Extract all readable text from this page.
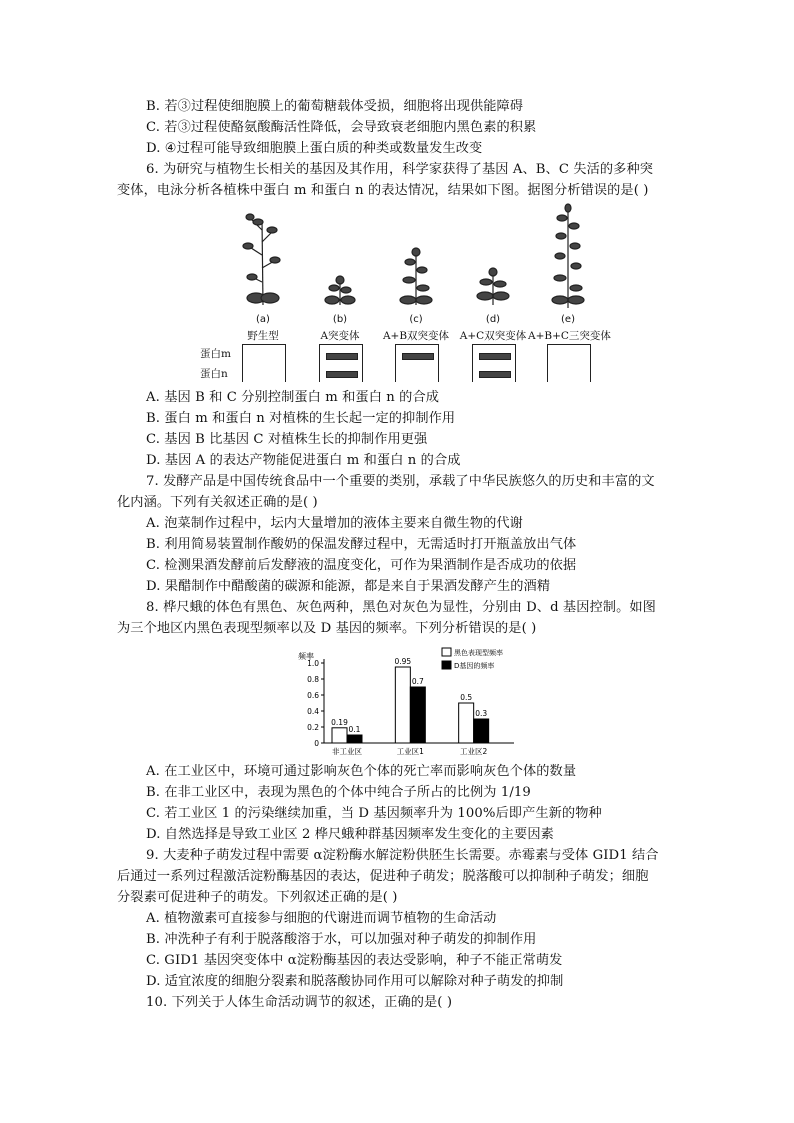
B. 若③过程使细胞膜上的葡萄糖载体受损，细胞将出现供能障碍
C. 若③过程使酪氨酸酶活性降低，会导致衰老细胞内黑色素的积累
D. ④过程可能导致细胞膜上蛋白质的种类或数量发生改变
6. 为研究与植物生长相关的基因及其作用，科学家获得了基因 A、B、C 失活的多种突
变体，电泳分析各植株中蛋白 m 和蛋白 n 的表达情况，结果如下图。据图分析错误的是( )
(a)	(b)	(c)	(d)	(e)
野生型	A突变体	A+B双突变体	A+C双突变体 A+B+C三突变体
蛋白m
蛋白n
A. 基因 B 和 C 分别控制蛋白 m 和蛋白 n 的合成
B. 蛋白 m 和蛋白 n 对植株的生长起一定的抑制作用
C. 基因 B 比基因 C 对植株生长的抑制作用更强
D. 基因 A 的表达产物能促进蛋白 m 和蛋白 n 的合成
7. 发酵产品是中国传统食品中一个重要的类别，承载了中华民族悠久的历史和丰富的文
化内涵。下列有关叙述正确的是( )
A. 泡菜制作过程中，坛内大量增加的液体主要来自微生物的代谢
B. 利用简易装置制作酸奶的保温发酵过程中，无需适时打开瓶盖放出气体
C. 检测果酒发酵前后发酵液的温度变化，可作为果酒制作是否成功的依据
D. 果醋制作中醋酸菌的碳源和能源，都是来自于果酒发酵产生的酒精
8. 桦尺蛾的体色有黑色、灰色两种，黑色对灰色为显性，分别由 D、d 基因控制。如图
为三个地区内黑色表现型频率以及 D 基因的频率。下列分析错误的是( )
频率
0
0.2
0.4
0.6
0.8
1.0
0.19
0.1
非工业区
0.95
0.7
工业区1
0.5
0.3
工业区2
黑色表现型频率
D基因的频率
A. 在工业区中，环境可通过影响灰色个体的死亡率而影响灰色个体的数量
B. 在非工业区中，表现为黑色的个体中纯合子所占的比例为 1/19
C. 若工业区 1 的污染继续加重，当 D 基因频率升为 100%后即产生新的物种
D. 自然选择是导致工业区 2 桦尺蛾种群基因频率发生变化的主要因素
9. 大麦种子萌发过程中需要 α淀粉酶水解淀粉供胚生长需要。赤霉素与受体 GID1 结合
后通过一系列过程激活淀粉酶基因的表达，促进种子萌发；脱落酸可以抑制种子萌发；细胞
分裂素可促进种子的萌发。下列叙述正确的是( )
A. 植物激素可直接参与细胞的代谢进而调节植物的生命活动
B. 冲洗种子有利于脱落酸溶于水，可以加强对种子萌发的抑制作用
C. GID1 基因突变体中 α淀粉酶基因的表达受影响，种子不能正常萌发
D. 适宜浓度的细胞分裂素和脱落酸协同作用可以解除对种子萌发的抑制
10. 下列关于人体生命活动调节的叙述，正确的是( )
